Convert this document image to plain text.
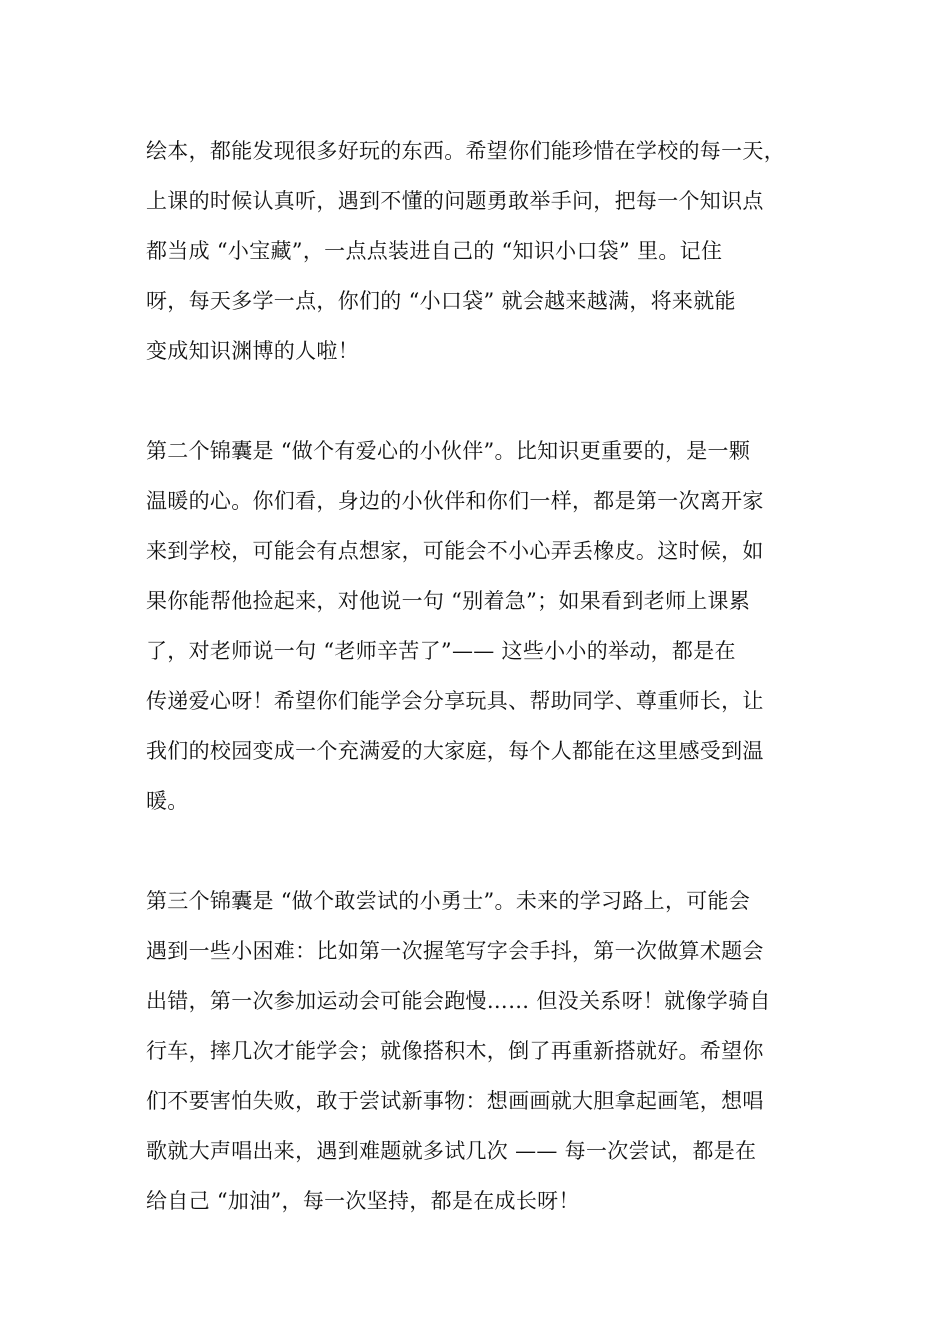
绘本，都能发现很多好玩的东西。希望你们能珍惜在学校的每一天，
上课的时候认真听，遇到不懂的问题勇敢举手问，把每一个知识点
都当成 “小宝藏”，一点点装进自己的 “知识小口袋” 里。记住
呀，每天多学一点，你们的 “小口袋” 就会越来越满，将来就能
变成知识渊博的人啦！
第二个锦囊是 “做个有爱心的小伙伴”。比知识更重要的，是一颗
温暖的心。你们看，身边的小伙伴和你们一样，都是第一次离开家
来到学校，可能会有点想家，可能会不小心弄丢橡皮。这时候，如
果你能帮他捡起来，对他说一句 “别着急”；如果看到老师上课累
了，对老师说一句 “老师辛苦了”—— 这些小小的举动，都是在
传递爱心呀！希望你们能学会分享玩具、帮助同学、尊重师长，让
我们的校园变成一个充满爱的大家庭，每个人都能在这里感受到温
暖。
第三个锦囊是 “做个敢尝试的小勇士”。未来的学习路上，可能会
遇到一些小困难：比如第一次握笔写字会手抖，第一次做算术题会
出错，第一次参加运动会可能会跑慢…… 但没关系呀！就像学骑自
行车，摔几次才能学会；就像搭积木，倒了再重新搭就好。希望你
们不要害怕失败，敢于尝试新事物：想画画就大胆拿起画笔，想唱
歌就大声唱出来，遇到难题就多试几次 —— 每一次尝试，都是在
给自己 “加油”，每一次坚持，都是在成长呀！
